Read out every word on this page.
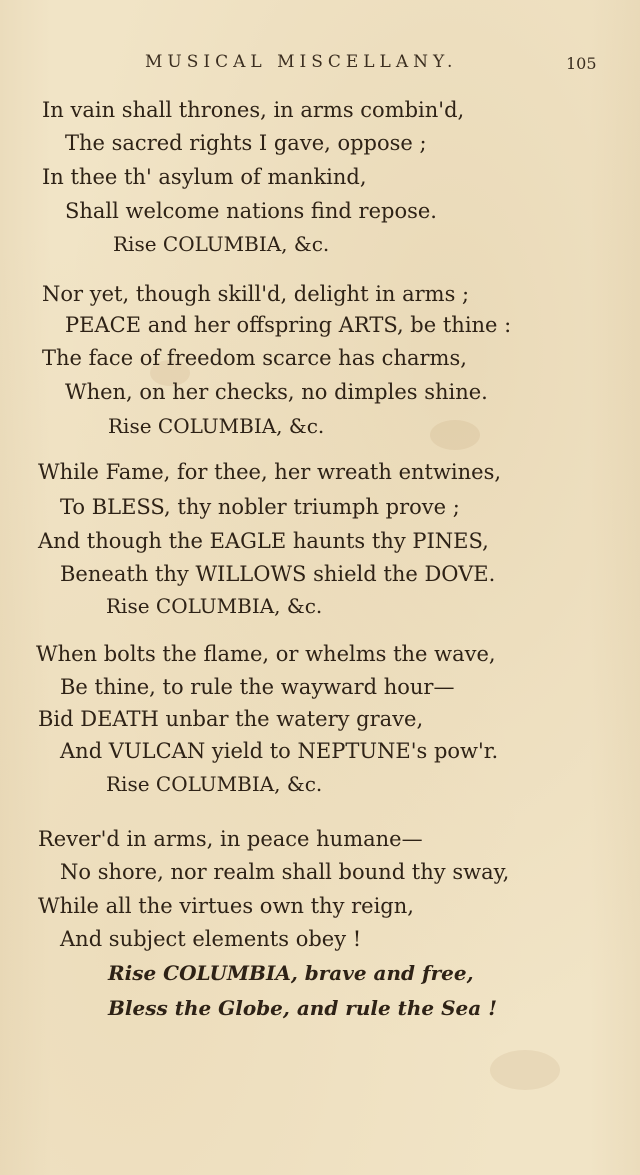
MUSICAL MISCELLANY.	105
In vain shall thrones, in arms combin'd,
The sacred rights I gave, oppose ;
In thee th' asylum of mankind,
Shall welcome nations find repose.
Rise COLUMBIA, &c.
Nor yet, though skill'd, delight in arms ;
PEACE and her offspring ARTS, be thine :
The face of freedom scarce has charms,
When, on her checks, no dimples shine.
Rise COLUMBIA, &c.
While Fame, for thee, her wreath entwines,
To BLESS, thy nobler triumph prove ;
And though the EAGLE haunts thy PINES,
Beneath thy WILLOWS shield the DOVE.
Rise COLUMBIA, &c.
When bolts the flame, or whelms the wave,
Be thine, to rule the wayward hour—
Bid DEATH unbar the watery grave,
And VULCAN yield to NEPTUNE's pow'r.
Rise COLUMBIA, &c.
Rever'd in arms, in peace humane—
No shore, nor realm shall bound thy sway,
While all the virtues own thy reign,
And subject elements obey !
Rise COLUMBIA, brave and free,
Bless the Globe, and rule the Sea !
